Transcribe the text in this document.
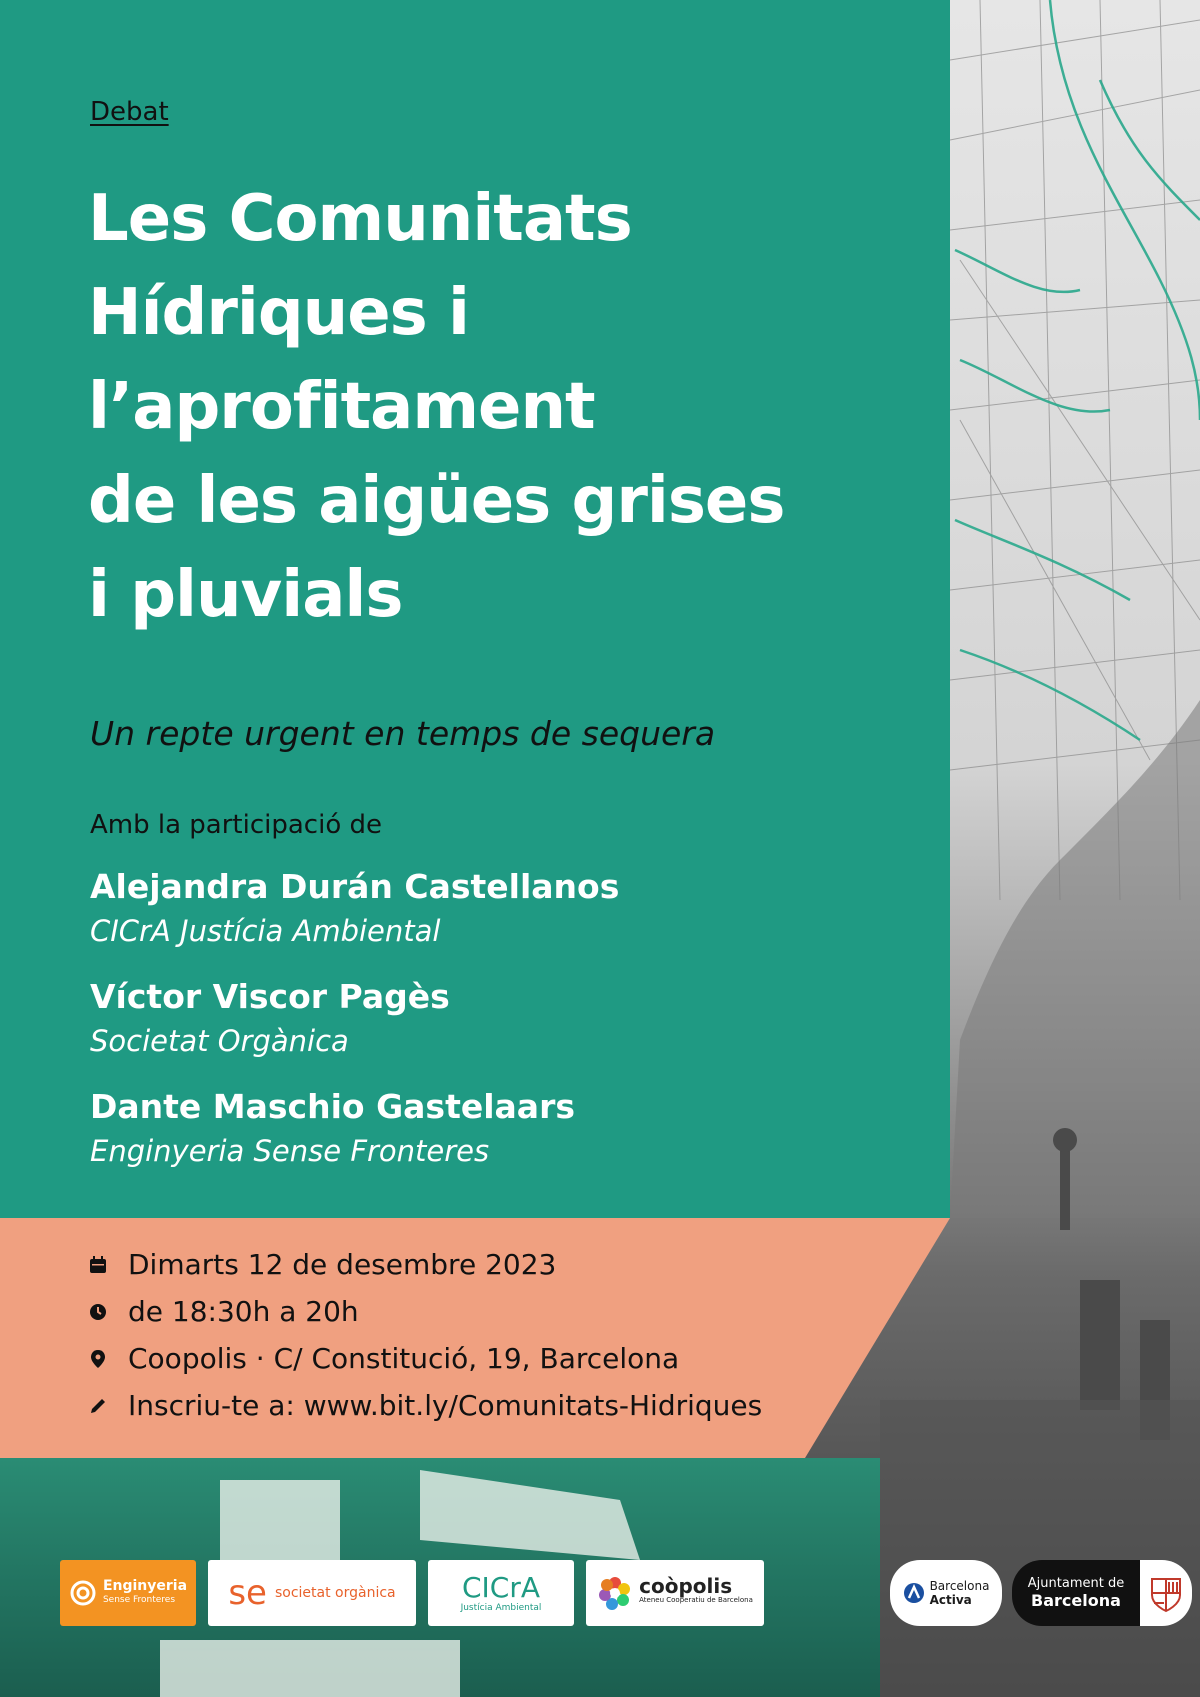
Debat
Les Comunitats
Hídriques i
l’aprofitament
de les aigües grises
i pluvials
Un repte urgent en temps de sequera
Amb la participació de
Alejandra Durán Castellanos
CICrA Justícia Ambiental
Víctor Viscor Pagès
Societat Orgànica
Dante Maschio Gastelaars
Enginyeria Sense Fronteres
Dimarts 12 de desembre 2023
de 18:30h a 20h
Coopolis · C/ Constitució, 19, Barcelona
Inscriu-te a: www.bit.ly/Comunitats-Hidriques
Enginyeria
Sense Fronteres	se societat orgànica CICrA
Justícia Ambiental
coòpolis
Ateneu Cooperatiu de Barcelona
Barcelona
Activa
Ajuntament de
Barcelona
